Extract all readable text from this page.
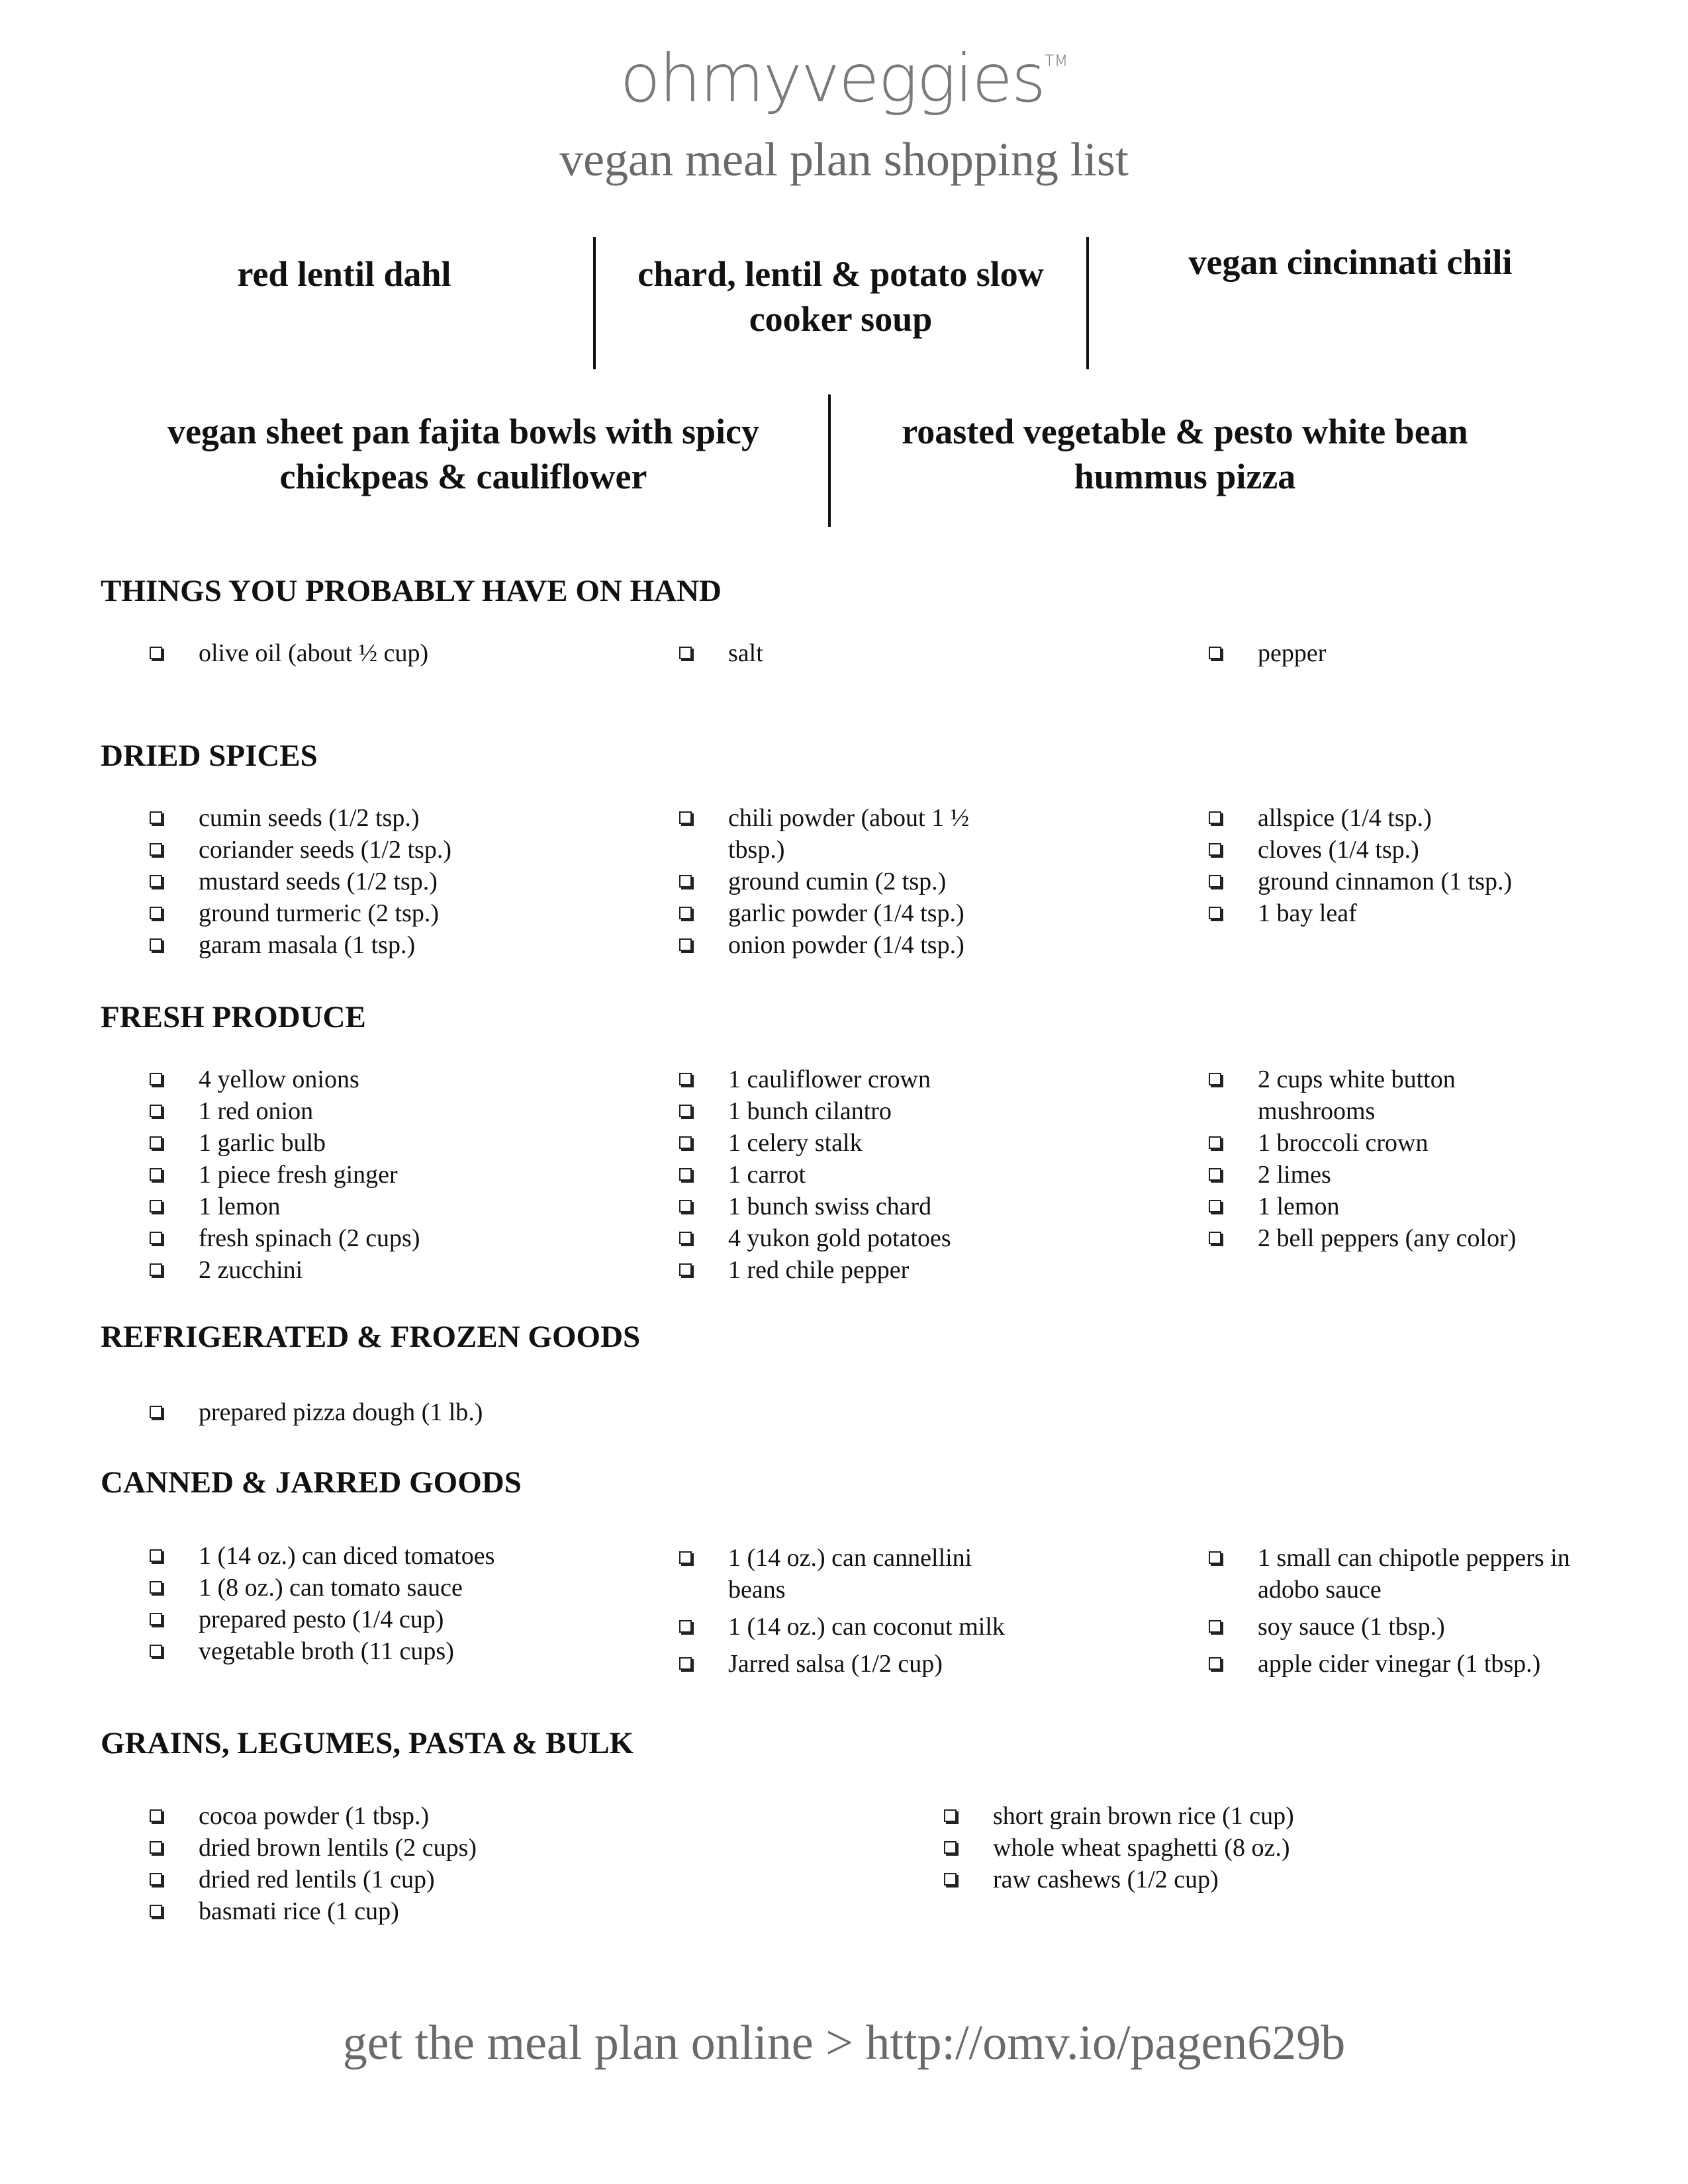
ohmyveggies™
vegan meal plan shopping list
red lentil dahl	chard, lentil & potato slow cooker soup
vegan cincinnati chili
vegan sheet pan fajita bowls with spicy chickpeas & cauliflower
roasted vegetable & pesto white bean hummus pizza
THINGS YOU PROBABLY HAVE ON HAND
olive oil (about ½ cup)	salt	pepper
DRIED SPICES
cumin seeds (1/2 tsp.)
coriander seeds (1/2 tsp.)
mustard seeds (1/2 tsp.)
ground turmeric (2 tsp.)
garam masala (1 tsp.)
chili powder (about 1 ½ tbsp.)
ground cumin (2 tsp.)
garlic powder (1/4 tsp.)
onion powder (1/4 tsp.)
allspice (1/4 tsp.)
cloves (1/4 tsp.)
ground cinnamon (1 tsp.)
1 bay leaf
FRESH PRODUCE
4 yellow onions
1 red onion
1 garlic bulb
1 piece fresh ginger
1 lemon
fresh spinach (2 cups)
2 zucchini
1 cauliflower crown
1 bunch cilantro
1 celery stalk
1 carrot
1 bunch swiss chard
4 yukon gold potatoes
1 red chile pepper
2 cups white button mushrooms
1 broccoli crown
2 limes
1 lemon
2 bell peppers (any color)
REFRIGERATED & FROZEN GOODS
prepared pizza dough (1 lb.)
CANNED & JARRED GOODS
1 (14 oz.) can diced tomatoes
1 (8 oz.) can tomato sauce
prepared pesto (1/4 cup)
vegetable broth (11 cups)
1 (14 oz.) can cannellini beans
1 (14 oz.) can coconut milk
Jarred salsa (1/2 cup)
1 small can chipotle peppers in adobo sauce
soy sauce (1 tbsp.)
apple cider vinegar (1 tbsp.)
GRAINS, LEGUMES, PASTA & BULK
cocoa powder (1 tbsp.)
dried brown lentils (2 cups)
dried red lentils (1 cup)
basmati rice (1 cup)
short grain brown rice (1 cup)
whole wheat spaghetti (8 oz.)
raw cashews (1/2 cup)
get the meal plan online > http://omv.io/pagen629b
